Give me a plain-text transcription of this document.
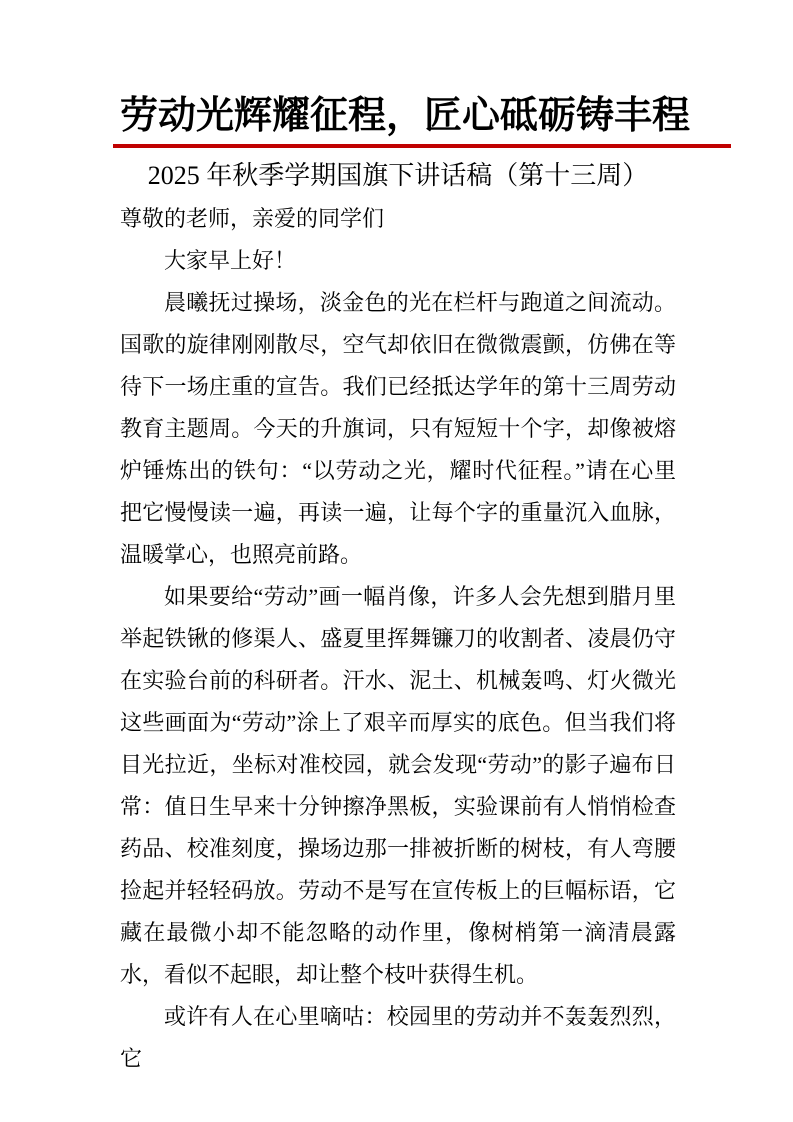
劳动光辉耀征程，匠心砥砺铸丰程
2025 年秋季学期国旗下讲话稿（第十三周）

尊敬的老师，亲爱的同学们

大家早上好！

晨曦抚过操场，淡金色的光在栏杆与跑道之间流动。国歌的旋律刚刚散尽，空气却依旧在微微震颤，仿佛在等待下一场庄重的宣告。我们已经抵达学年的第十三周劳动教育主题周。今天的升旗词，只有短短十个字，却像被熔炉锤炼出的铁句：“以劳动之光，耀时代征程。”请在心里把它慢慢读一遍，再读一遍，让每个字的重量沉入血脉，温暖掌心，也照亮前路。

如果要给“劳动”画一幅肖像，许多人会先想到腊月里举起铁锹的修渠人、盛夏里挥舞镰刀的收割者、凌晨仍守在实验台前的科研者。汗水、泥土、机械轰鸣、灯火微光这些画面为“劳动”涂上了艰辛而厚实的底色。但当我们将目光拉近，坐标对准校园，就会发现“劳动”的影子遍布日常：值日生早来十分钟擦净黑板，实验课前有人悄悄检查药品、校准刻度，操场边那一排被折断的树枝，有人弯腰捡起并轻轻码放。劳动不是写在宣传板上的巨幅标语，它藏在最微小却不能忽略的动作里，像树梢第一滴清晨露水，看似不起眼，却让整个枝叶获得生机。

或许有人在心里嘀咕：校园里的劳动并不轰轰烈烈，它
